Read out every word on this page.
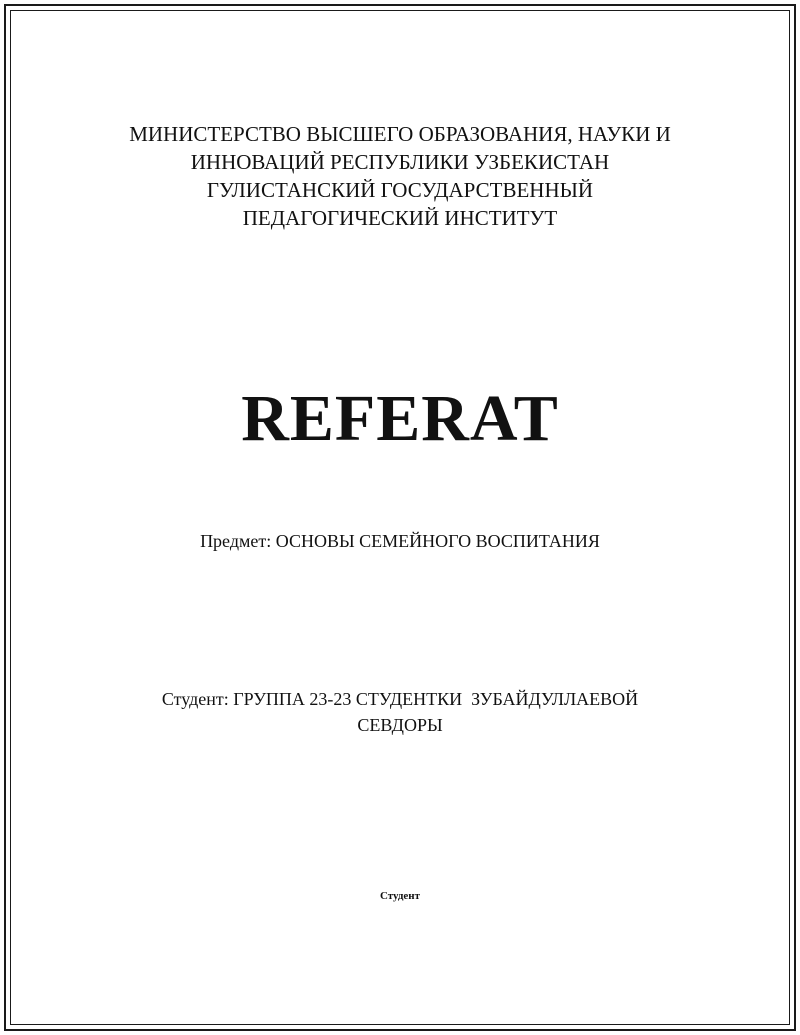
МИНИСТЕРСТВО ВЫСШЕГО ОБРАЗОВАНИЯ, НАУКИ И
ИННОВАЦИЙ РЕСПУБЛИКИ УЗБЕКИСТАН
ГУЛИСТАНСКИЙ ГОСУДАРСТВЕННЫЙ
ПЕДАГОГИЧЕСКИЙ ИНСТИТУТ
REFERAT
Предмет: ОСНОВЫ СЕМЕЙНОГО ВОСПИТАНИЯ
Студент: ГРУППА 23-23 СТУДЕНТКИ  ЗУБАЙДУЛЛАЕВОЙ
СЕВДОРЫ
Студент
